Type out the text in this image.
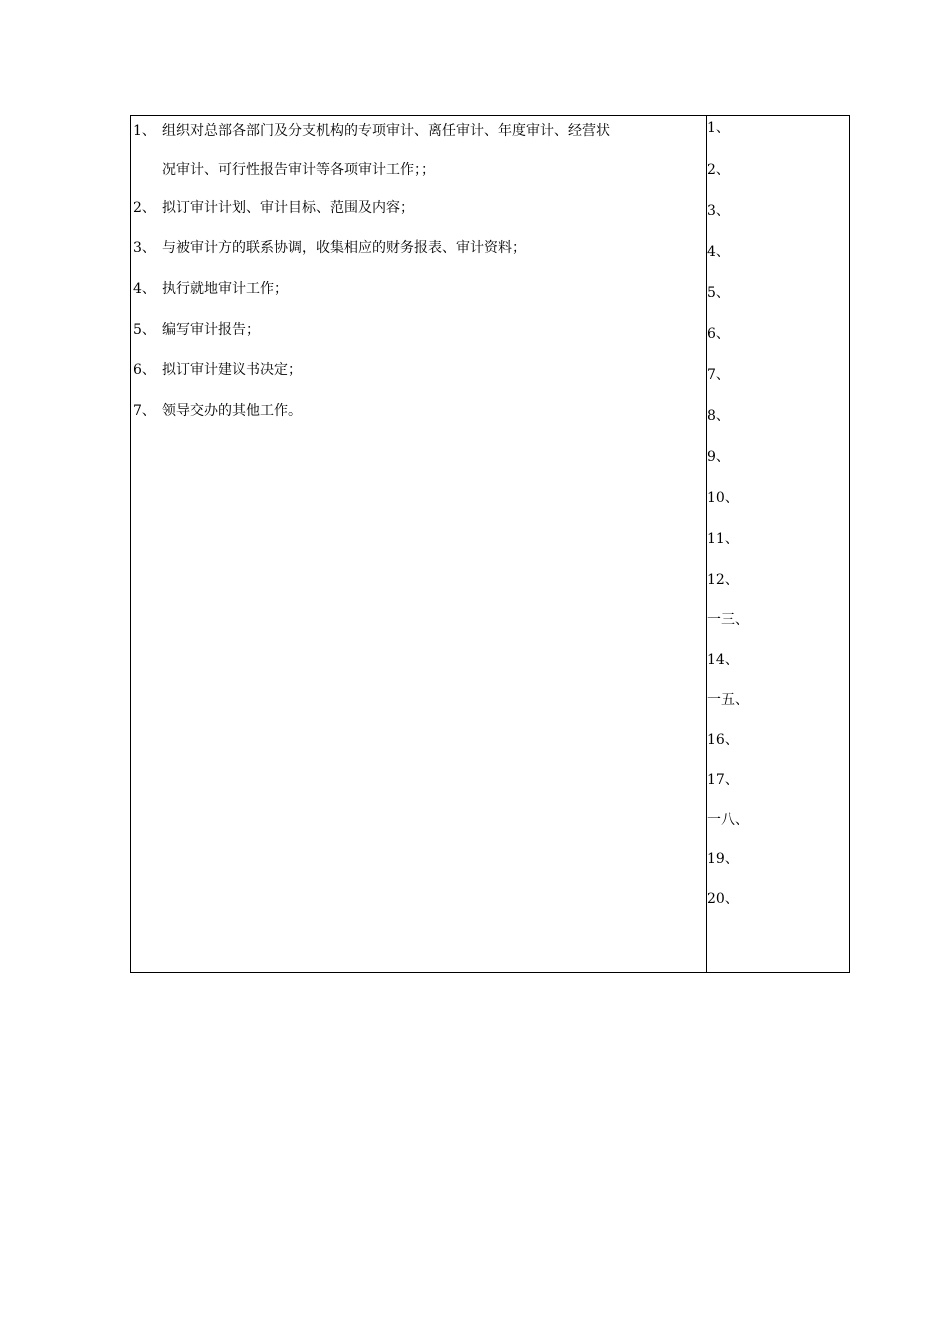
1、 组织对总部各部门及分支机构的专项审计、离任审计、年度审计、经营状
况审计、可行性报告审计等各项审计工作；；
2、 拟订审计计划、审计目标、范围及内容；
3、 与被审计方的联系协调，收集相应的财务报表、审计资料；
4、 执行就地审计工作；
5、 编写审计报告；
6、 拟订审计建议书决定；
7、 领导交办的其他工作。
1、
2、
3、
4、
5、
6、
7、
8、
9、
10、
11、
12、
一三、
14、
一五、
16、
17、
一八、
19、
20、
